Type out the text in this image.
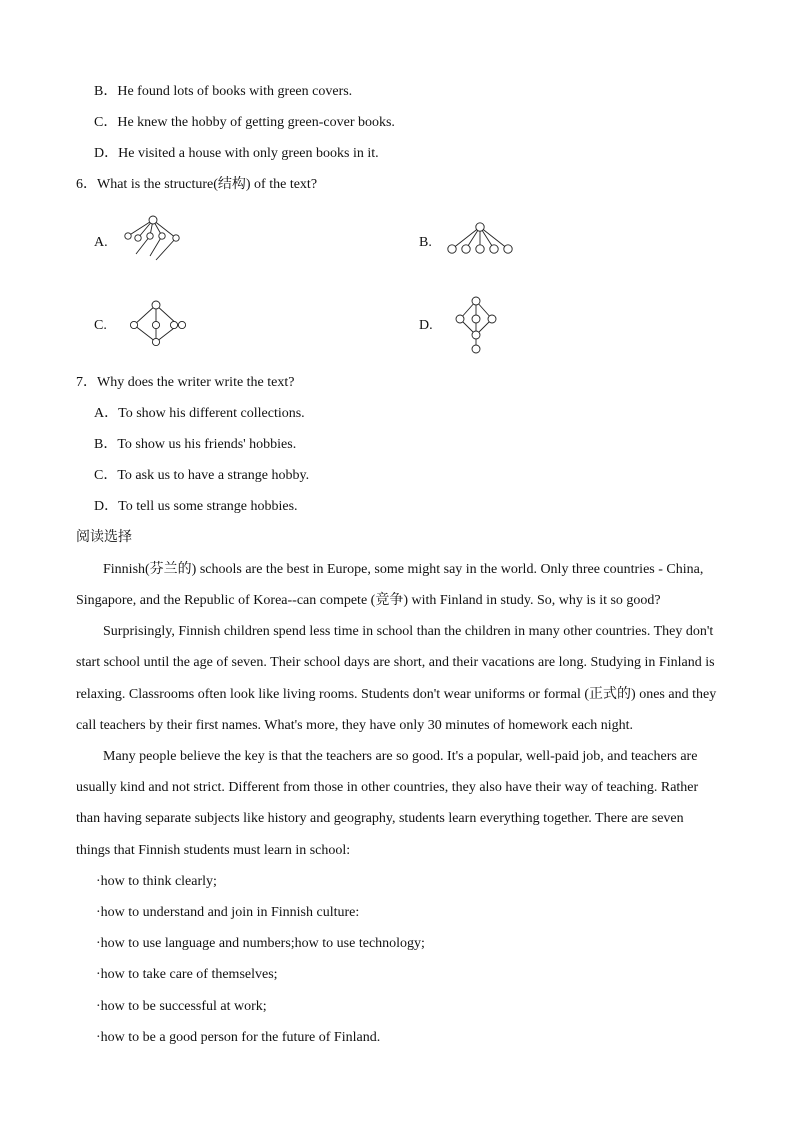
B．He found lots of books with green covers.
C．He knew the hobby of getting green-cover books.
D．He visited a house with only green books in it.
6．What is the structure(结构) of the text?
A.	B.
C.	D.
7．Why does the writer write the text?
A．To show his different collections.
B．To show us his friends' hobbies.
C．To ask us to have a strange hobby.
D．To tell us some strange hobbies.
阅读选择
Finnish(芬兰的) schools are the best in Europe, some might say in the world. Only three countries - China,
Singapore, and the Republic of Korea--can compete (竞争) with Finland in study. So, why is it so good?
Surprisingly, Finnish children spend less time in school than the children in many other countries. They don't
start school until the age of seven. Their school days are short, and their vacations are long. Studying in Finland is
relaxing. Classrooms often look like living rooms. Students don't wear uniforms or formal (正式的) ones and they
call teachers by their first names. What's more, they have only 30 minutes of homework each night.
Many people believe the key is that the teachers are so good. It's a popular, well-paid job, and teachers are
usually kind and not strict. Different from those in other countries, they also have their way of teaching. Rather
than having separate subjects like history and geography, students learn everything together. There are seven
things that Finnish students must learn in school:
·how to think clearly;
·how to understand and join in Finnish culture:
·how to use language and numbers;how to use technology;
·how to take care of themselves;
·how to be successful at work;
·how to be a good person for the future of Finland.
